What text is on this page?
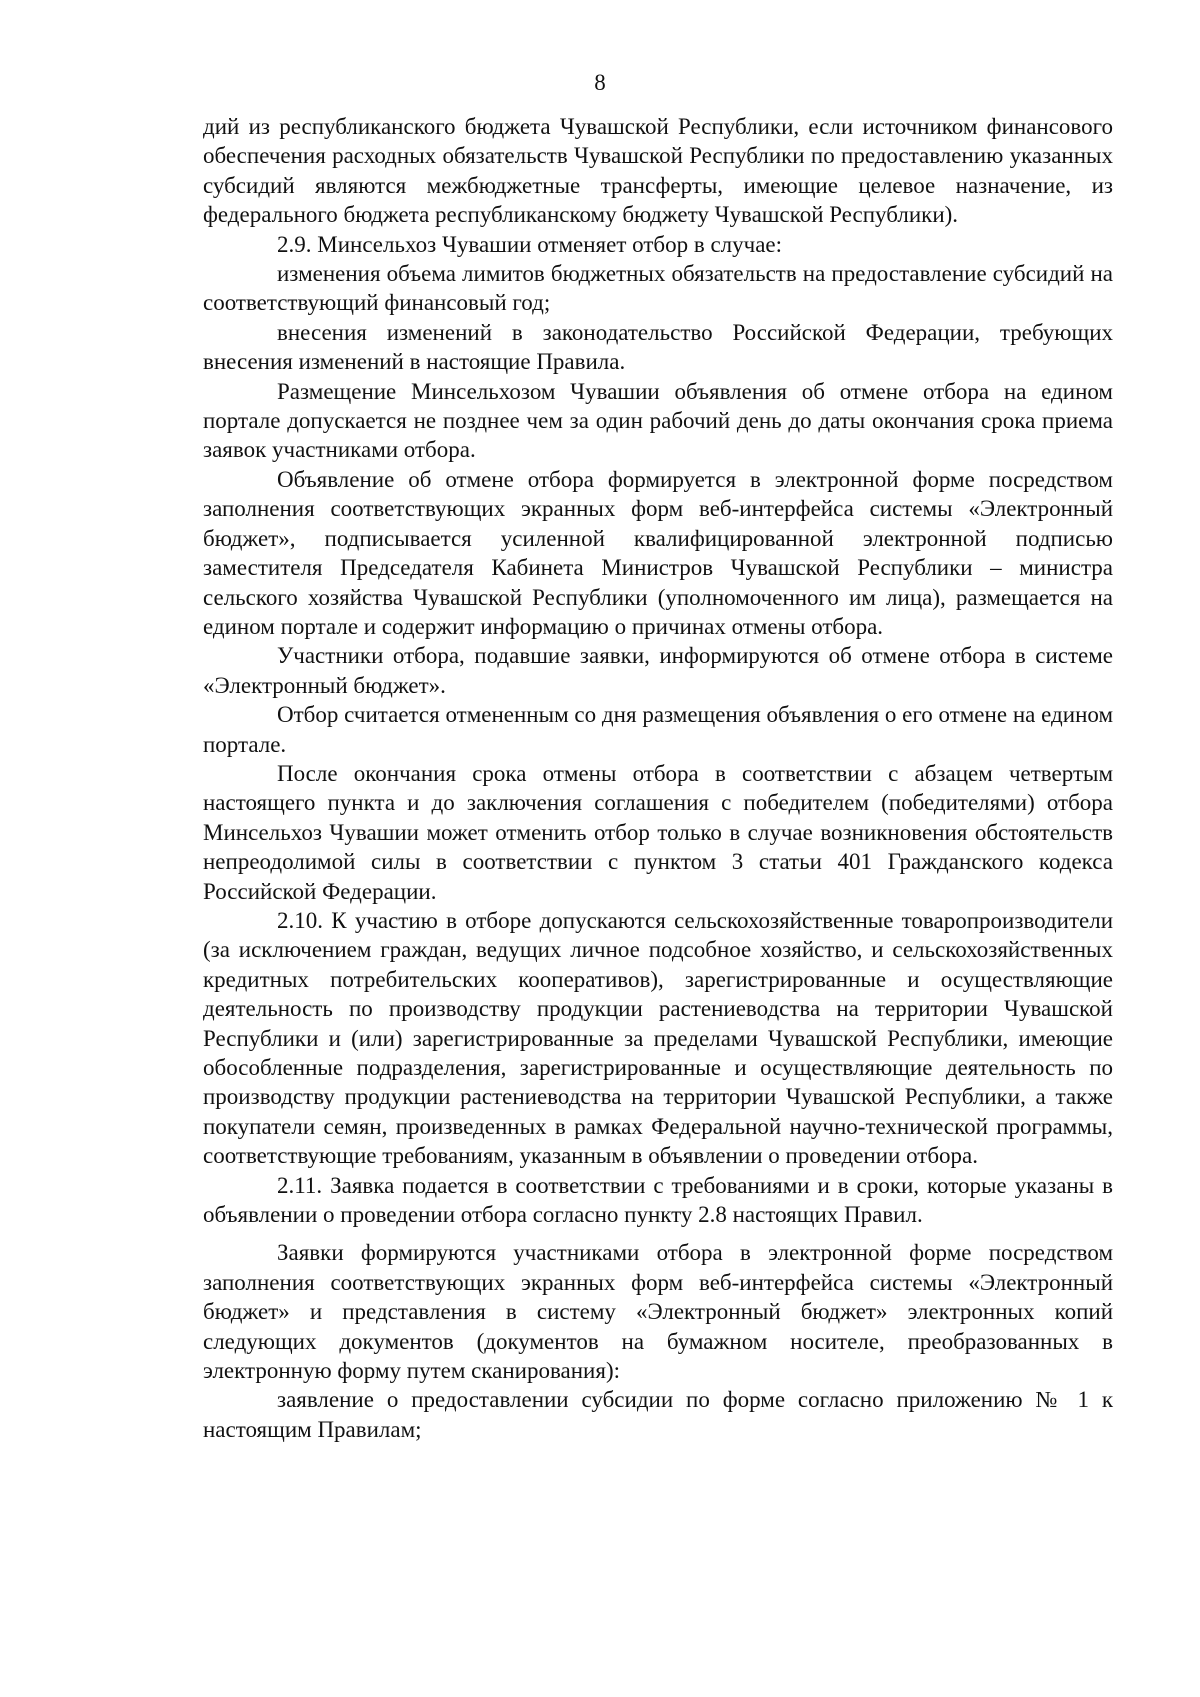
8

дий из республиканского бюджета Чувашской Республики, если источником финансового обеспечения расходных обязательств Чувашской Республики по предоставлению указанных субсидий являются межбюджетные трансферты, имеющие целевое назначение, из федерального бюджета республиканскому бюджету Чувашской Республики).

2.9. Минсельхоз Чувашии отменяет отбор в случае:

изменения объема лимитов бюджетных обязательств на предоставление субсидий на соответствующий финансовый год;

внесения изменений в законодательство Российской Федерации, требующих внесения изменений в настоящие Правила.

Размещение Минсельхозом Чувашии объявления об отмене отбора на едином портале допускается не позднее чем за один рабочий день до даты окончания срока приема заявок участниками отбора.

Объявление об отмене отбора формируется в электронной форме посредством заполнения соответствующих экранных форм веб-интерфейса системы «Электронный бюджет», подписывается усиленной квалифицированной электронной подписью заместителя Председателя Кабинета Министров Чувашской Республики – министра сельского хозяйства Чувашской Республики (уполномоченного им лица), размещается на едином портале и содержит информацию о причинах отмены отбора.

Участники отбора, подавшие заявки, информируются об отмене отбора в системе «Электронный бюджет».

Отбор считается отмененным со дня размещения объявления о его отмене на едином портале.

После окончания срока отмены отбора в соответствии с абзацем четвертым настоящего пункта и до заключения соглашения с победителем (победителями) отбора Минсельхоз Чувашии может отменить отбор только в случае возникновения обстоятельств непреодолимой силы в соответствии с пунктом 3 статьи 401 Гражданского кодекса Российской Федерации.

2.10. К участию в отборе допускаются сельскохозяйственные товаропроизводители (за исключением граждан, ведущих личное подсобное хозяйство, и сельскохозяйственных кредитных потребительских кооперативов), зарегистрированные и осуществляющие деятельность по производству продукции растениеводства на территории Чувашской Республики и (или) зарегистрированные за пределами Чувашской Республики, имеющие обособленные подразделения, зарегистрированные и осуществляющие деятельность по производству продукции растениеводства на территории Чувашской Республики, а также покупатели семян, произведенных в рамках Федеральной научно-технической программы, соответствующие требованиям, указанным в объявлении о проведении отбора.

2.11. Заявка подается в соответствии с требованиями и в сроки, которые указаны в объявлении о проведении отбора согласно пункту 2.8 настоящих Правил.

Заявки формируются участниками отбора в электронной форме посредством заполнения соответствующих экранных форм веб-интерфейса системы «Электронный бюджет» и представления в систему «Электронный бюджет» электронных копий следующих документов (документов на бумажном носителе, преобразованных в электронную форму путем сканирования):

заявление о предоставлении субсидии по форме согласно приложению № 1 к настоящим Правилам;
